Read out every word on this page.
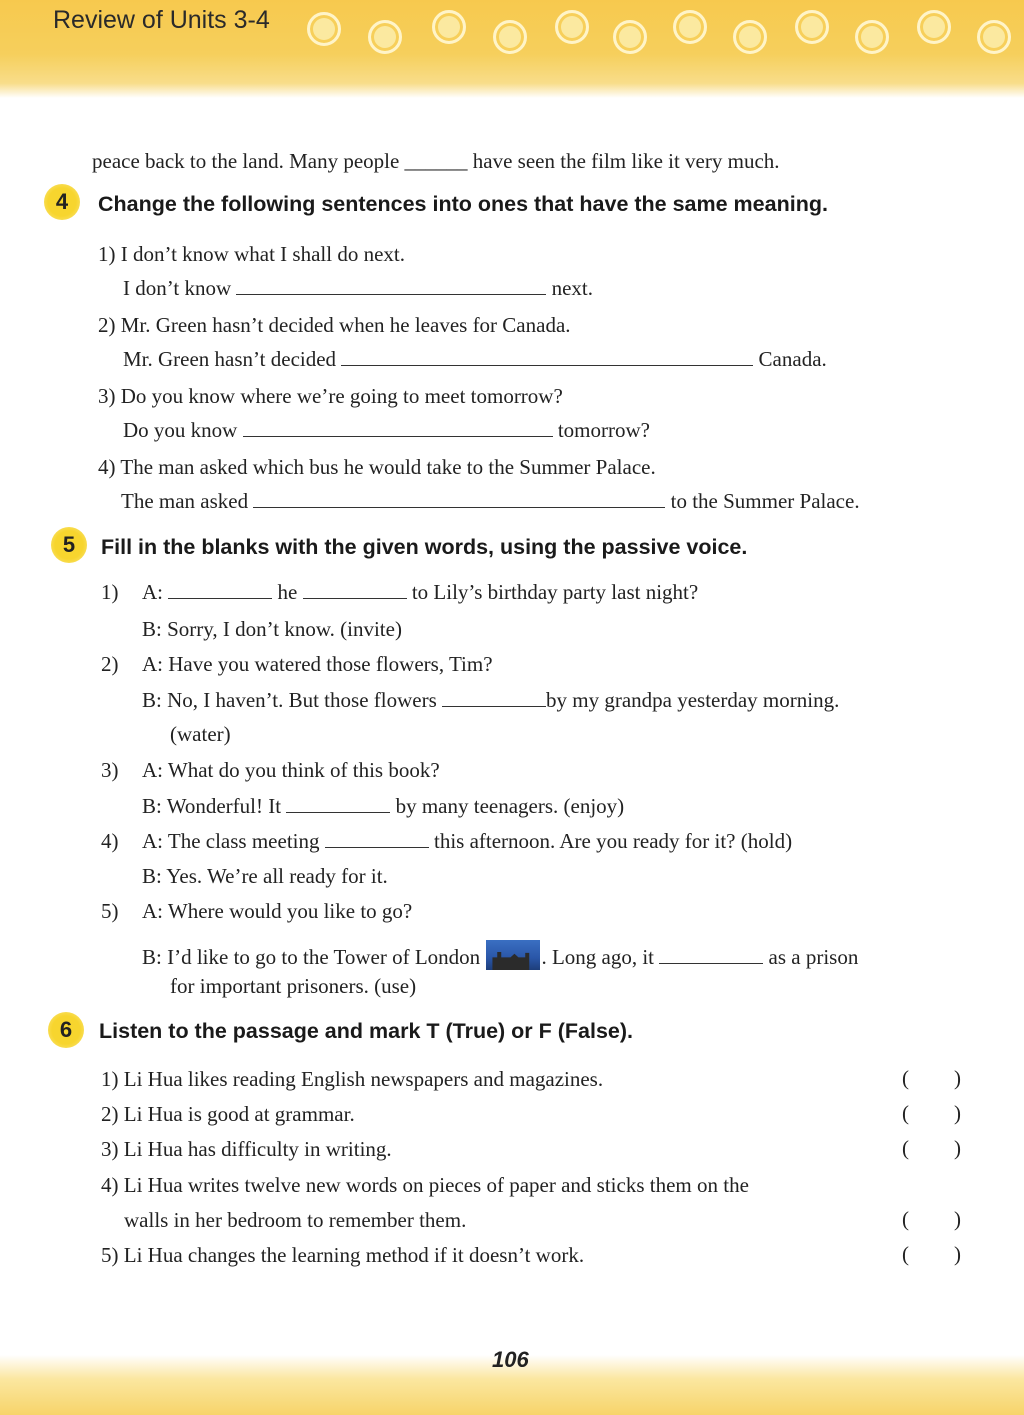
Review of Units 3-4
peace back to the land. Many people ______ have seen the film like it very much.
4	Change the following sentences into ones that have the same meaning.
1) I don’t know what I shall do next.
I don’t know	next.
2) Mr. Green hasn’t decided when he leaves for Canada.
Mr. Green hasn’t decided	Canada.
3) Do you know where we’re going to meet tomorrow?
Do you know	tomorrow?
4) The man asked which bus he would take to the Summer Palace.
The man asked	to the Summer Palace.
5	Fill in the blanks with the given words, using the passive voice.
1) A:	he	to Lily’s birthday party last night?
B: Sorry, I don’t know. (invite)
2) A: Have you watered those flowers, Tim?
B: No, I haven’t. But those flowers	by my grandpa yesterday morning.
(water)
3) A: What do you think of this book?
B: Wonderful! It	by many teenagers. (enjoy)
4) A: The class meeting	this afternoon. Are you ready for it? (hold)
B: Yes. We’re all ready for it.
5) A: Where would you like to go?
B: I’d like to go to the Tower of London	. Long ago, it	as a prison
for important prisoners. (use)
6	Listen to the passage and mark T (True) or F (False).
1) Li Hua likes reading English newspapers and magazines.	( )
2) Li Hua is good at grammar.	( )
3) Li Hua has difficulty in writing.	( )
4) Li Hua writes twelve new words on pieces of paper and sticks them on the
walls in her bedroom to remember them.	( )
5) Li Hua changes the learning method if it doesn’t work.	( )
106
